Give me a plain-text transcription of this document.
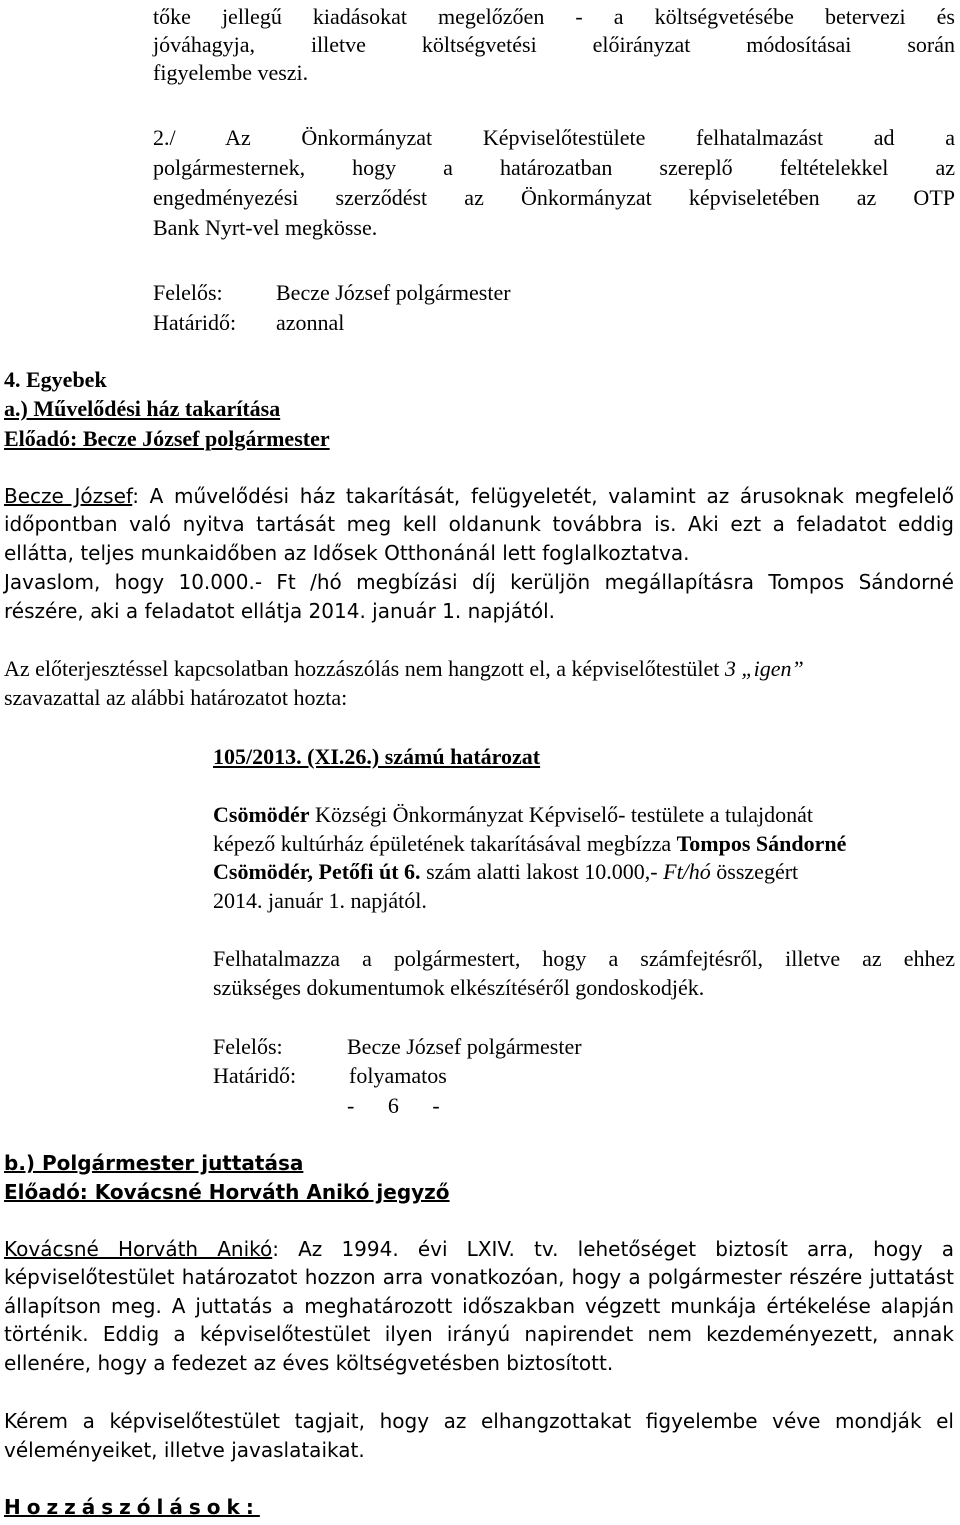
tőke jellegű kiadásokat megelőzően - a költségvetésébe betervezi és
jóváhagyja, illetve költségvetési előirányzat módosításai során
figyelembe veszi.
2./ Az Önkormányzat Képviselőtestülete felhatalmazást ad a
polgármesternek, hogy a határozatban szereplő feltételekkel az
engedményezési szerződést az Önkormányzat képviseletében az OTP
Bank Nyrt-vel megkösse.
Felelős: Becze József polgármester
Határidő: azonnal
4. Egyebek
a.) Művelődési ház takarítása
Előadó: Becze József polgármester
Becze József: A művelődési ház takarítását, felügyeletét, valamint az árusoknak megfelelő
időpontban való nyitva tartását meg kell oldanunk továbbra is. Aki ezt a feladatot eddig
ellátta, teljes munkaidőben az Idősek Otthonánál lett foglalkoztatva.
Javaslom, hogy 10.000.- Ft /hó megbízási díj kerüljön megállapításra Tompos Sándorné
részére, aki a feladatot ellátja 2014. január 1. napjától.
Az előterjesztéssel kapcsolatban hozzászólás nem hangzott el, a képviselőtestület 3 „igen”
szavazattal az alábbi határozatot hozta:
105/2013. (XI.26.) számú határozat
Csömödér Községi Önkormányzat Képviselő- testülete a tulajdonát
képező kultúrház épületének takarításával megbízza Tompos Sándorné
Csömödér, Petőfi út 6. szám alatti lakost 10.000,- Ft/hó összegért
2014. január 1. napjától.
Felhatalmazza a polgármestert, hogy a számfejtésről, illetve az ehhez
szükséges dokumentumok elkészítéséről gondoskodjék.
Felelős:	Becze József polgármester
Határidő: folyamatos
- 6 -
b.) Polgármester juttatása
Előadó: Kovácsné Horváth Anikó jegyző
Kovácsné Horváth Anikó: Az 1994. évi LXIV. tv. lehetőséget biztosít arra, hogy a
képviselőtestület határozatot hozzon arra vonatkozóan, hogy a polgármester részére juttatást
állapítson meg. A juttatás a meghatározott időszakban végzett munkája értékelése alapján
történik. Eddig a képviselőtestület ilyen irányú napirendet nem kezdeményezett, annak
ellenére, hogy a fedezet az éves költségvetésben biztosított.
Kérem a képviselőtestület tagjait, hogy az elhangzottakat figyelembe véve mondják el
véleményeiket, illetve javaslataikat.
Hozzászólások:
